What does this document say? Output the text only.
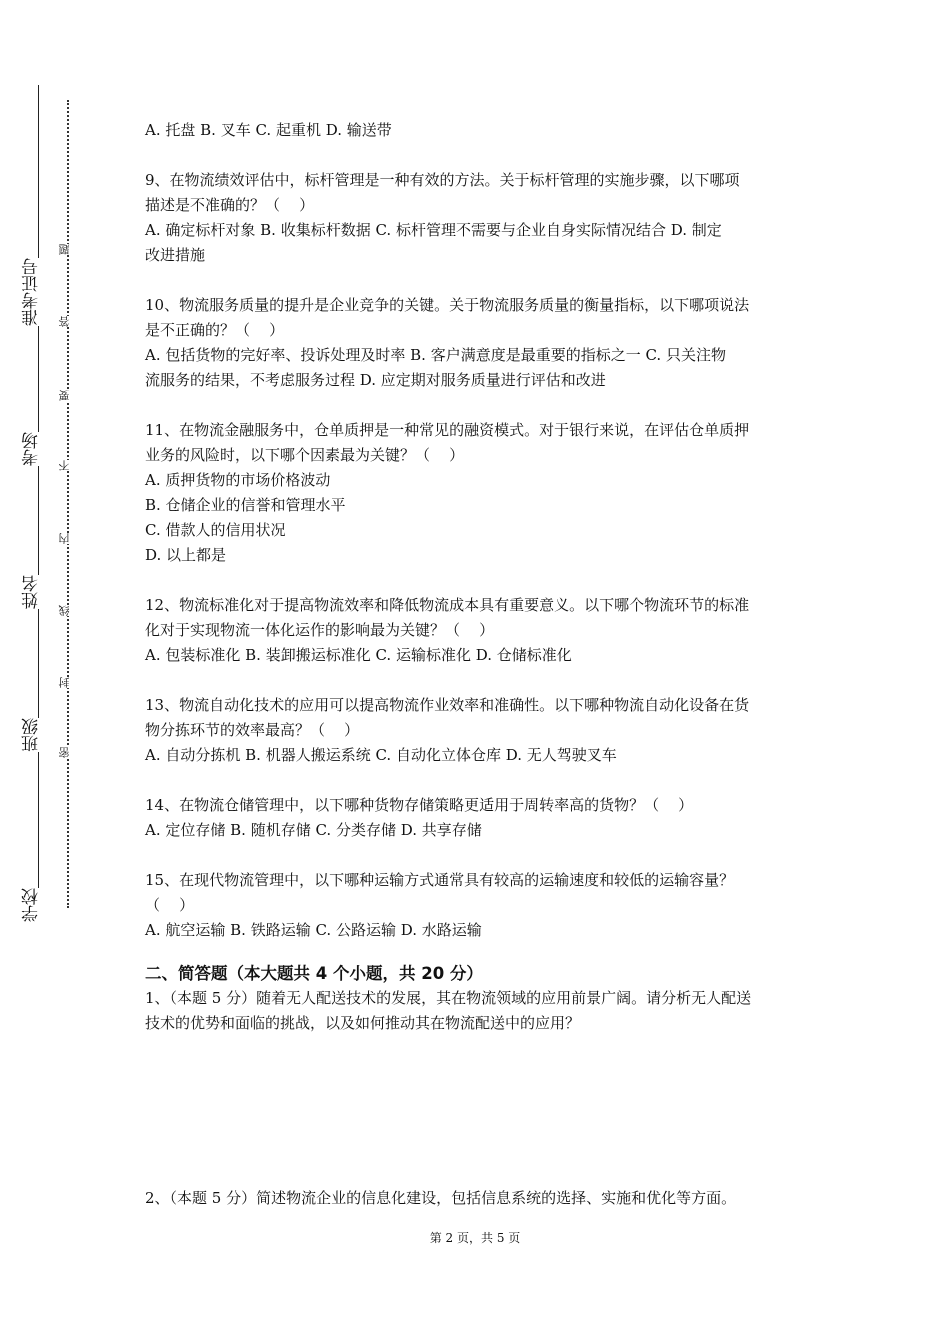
准考证号
考场
姓名
班级
学校
题
答
要
不
内
线
封
密
A. 托盘 B. 叉车 C. 起重机 D. 输送带
9、在物流绩效评估中，标杆管理是一种有效的方法。关于标杆管理的实施步骤，以下哪项
描述是不准确的？（    ）
A. 确定标杆对象 B. 收集标杆数据 C. 标杆管理不需要与企业自身实际情况结合 D. 制定
改进措施
10、物流服务质量的提升是企业竞争的关键。关于物流服务质量的衡量指标，以下哪项说法
是不正确的？（    ）
A. 包括货物的完好率、投诉处理及时率 B. 客户满意度是最重要的指标之一 C. 只关注物
流服务的结果，不考虑服务过程 D. 应定期对服务质量进行评估和改进
11、在物流金融服务中，仓单质押是一种常见的融资模式。对于银行来说，在评估仓单质押
业务的风险时，以下哪个因素最为关键？（    ）
A. 质押货物的市场价格波动
B. 仓储企业的信誉和管理水平
C. 借款人的信用状况
D. 以上都是
12、物流标准化对于提高物流效率和降低物流成本具有重要意义。以下哪个物流环节的标准
化对于实现物流一体化运作的影响最为关键？（    ）
A. 包装标准化 B. 装卸搬运标准化 C. 运输标准化 D. 仓储标准化
13、物流自动化技术的应用可以提高物流作业效率和准确性。以下哪种物流自动化设备在货
物分拣环节的效率最高？（    ）
A. 自动分拣机 B. 机器人搬运系统 C. 自动化立体仓库 D. 无人驾驶叉车
14、在物流仓储管理中，以下哪种货物存储策略更适用于周转率高的货物？（    ）
A. 定位存储 B. 随机存储 C. 分类存储 D. 共享存储
15、在现代物流管理中，以下哪种运输方式通常具有较高的运输速度和较低的运输容量？
（    ）
A. 航空运输 B. 铁路运输 C. 公路运输 D. 水路运输
二、简答题（本大题共 4 个小题，共 20 分）
1、（本题 5 分）随着无人配送技术的发展，其在物流领域的应用前景广阔。请分析无人配送
技术的优势和面临的挑战，以及如何推动其在物流配送中的应用？
2、（本题 5 分）简述物流企业的信息化建设，包括信息系统的选择、实施和优化等方面。
第 2 页，共 5 页
